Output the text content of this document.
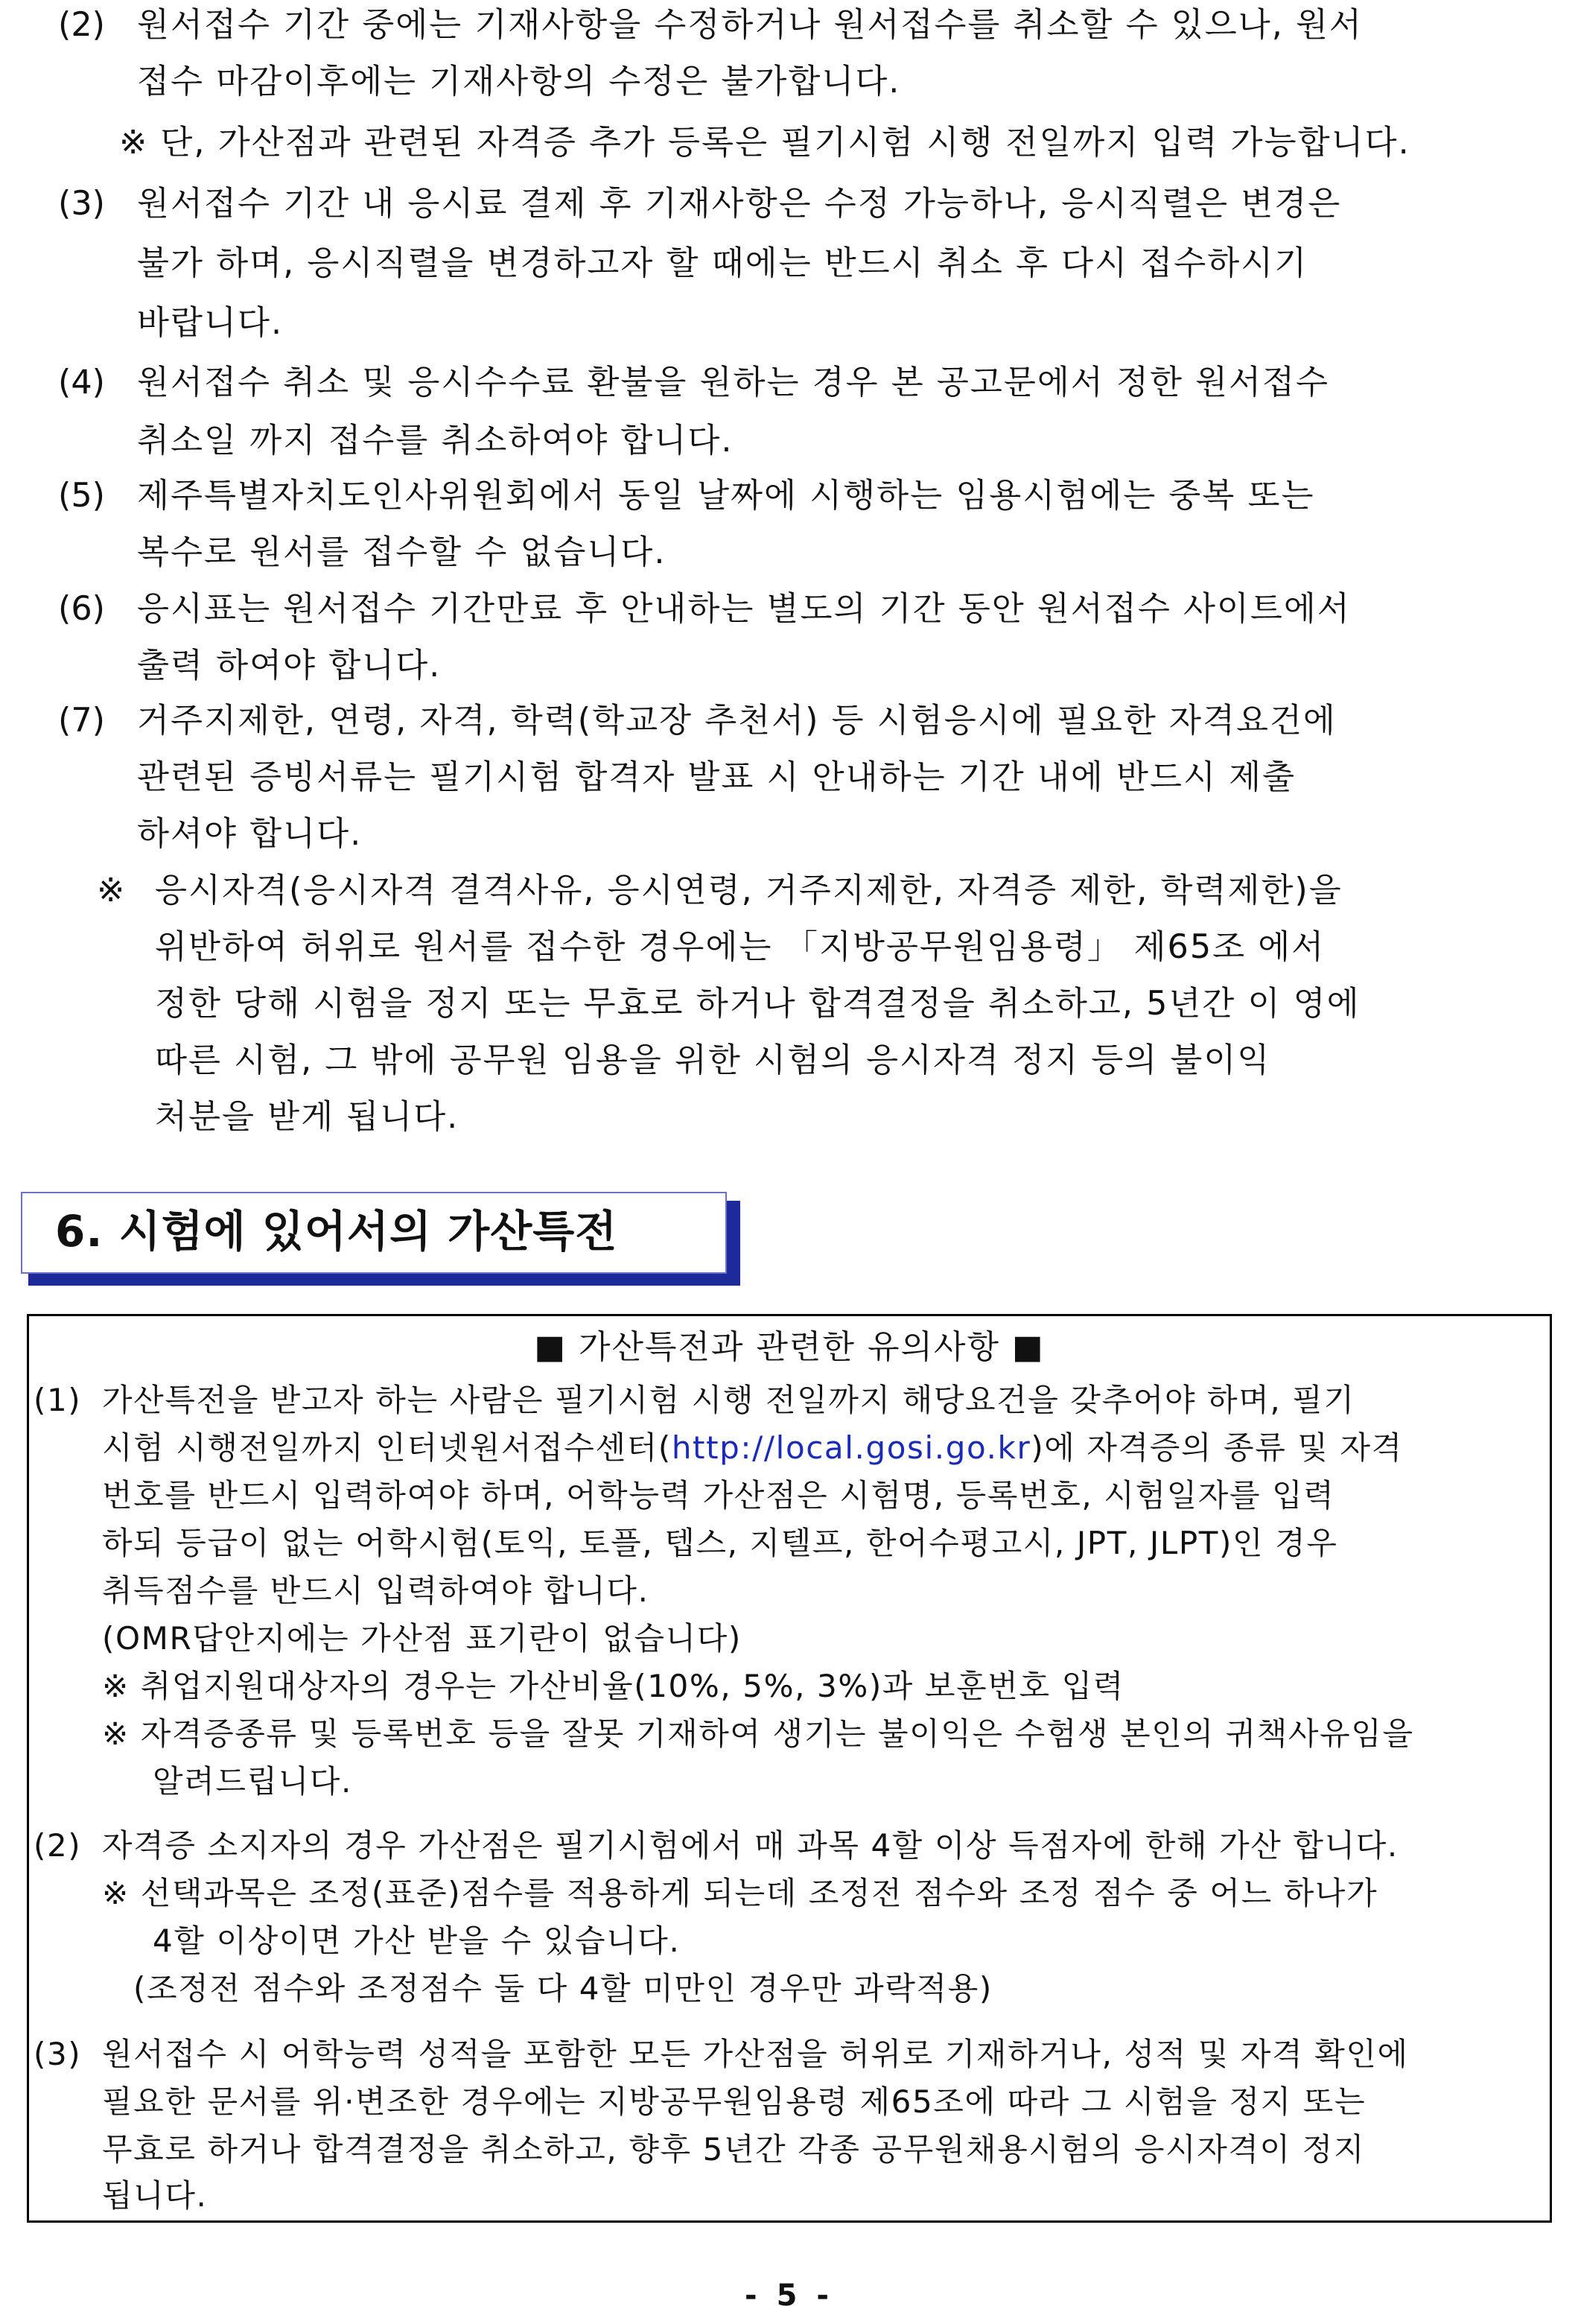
(2) 원서접수 기간 중에는 기재사항을 수정하거나 원서접수를 취소할 수 있으나, 원서
접수 마감이후에는 기재사항의 수정은 불가합니다.
※ 단, 가산점과 관련된 자격증 추가 등록은 필기시험 시행 전일까지 입력 가능합니다.
(3) 원서접수 기간 내 응시료 결제 후 기재사항은 수정 가능하나, 응시직렬은 변경은
불가 하며, 응시직렬을 변경하고자 할 때에는 반드시 취소 후 다시 접수하시기
바랍니다.
(4) 원서접수 취소 및 응시수수료 환불을 원하는 경우 본 공고문에서 정한 원서접수
취소일 까지 접수를 취소하여야 합니다.
(5) 제주특별자치도인사위원회에서 동일 날짜에 시행하는 임용시험에는 중복 또는
복수로 원서를 접수할 수 없습니다.
(6) 응시표는 원서접수 기간만료 후 안내하는 별도의 기간 동안 원서접수 사이트에서
출력 하여야 합니다.
(7) 거주지제한, 연령, 자격, 학력(학교장 추천서) 등 시험응시에 필요한 자격요건에
관련된 증빙서류는 필기시험 합격자 발표 시 안내하는 기간 내에 반드시 제출
하셔야 합니다.
※ 응시자격(응시자격 결격사유, 응시연령, 거주지제한, 자격증 제한, 학력제한)을
위반하여 허위로 원서를 접수한 경우에는 「지방공무원임용령」 제65조 에서
정한 당해 시험을 정지 또는 무효로 하거나 합격결정을 취소하고, 5년간 이 영에
따른 시험, 그 밖에 공무원 임용을 위한 시험의 응시자격 정지 등의 불이익
처분을 받게 됩니다.
6. 시험에 있어서의 가산특전
■ 가산특전과 관련한 유의사항 ■
(1) 가산특전을 받고자 하는 사람은 필기시험 시행 전일까지 해당요건을 갖추어야 하며, 필기
시험 시행전일까지 인터넷원서접수센터(http://local.gosi.go.kr)에 자격증의 종류 및 자격
번호를 반드시 입력하여야 하며, 어학능력 가산점은 시험명, 등록번호, 시험일자를 입력
하되 등급이 없는 어학시험(토익, 토플, 텝스, 지텔프, 한어수평고시, JPT, JLPT)인 경우
취득점수를 반드시 입력하여야 합니다.
(OMR답안지에는 가산점 표기란이 없습니다)
※ 취업지원대상자의 경우는 가산비율(10%, 5%, 3%)과 보훈번호 입력
※ 자격증종류 및 등록번호 등을 잘못 기재하여 생기는 불이익은 수험생 본인의 귀책사유임을
알려드립니다.
(2) 자격증 소지자의 경우 가산점은 필기시험에서 매 과목 4할 이상 득점자에 한해 가산 합니다.
※ 선택과목은 조정(표준)점수를 적용하게 되는데 조정전 점수와 조정 점수 중 어느 하나가
4할 이상이면 가산 받을 수 있습니다.
(조정전 점수와 조정점수 둘 다 4할 미만인 경우만 과락적용)
(3) 원서접수 시 어학능력 성적을 포함한 모든 가산점을 허위로 기재하거나, 성적 및 자격 확인에
필요한 문서를 위·변조한 경우에는 지방공무원임용령 제65조에 따라 그 시험을 정지 또는
무효로 하거나 합격결정을 취소하고, 향후 5년간 각종 공무원채용시험의 응시자격이 정지
됩니다.
- 5 -
